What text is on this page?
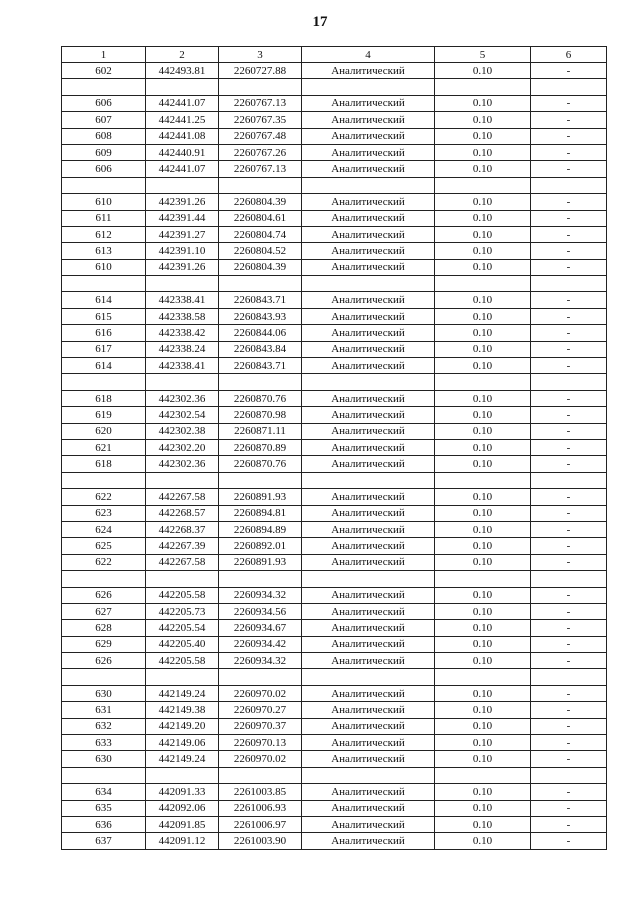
17
1	2	3	4	5	6
602	442493.81	2260727.88	Аналитический	0.10	-

606	442441.07	2260767.13	Аналитический	0.10	-
607	442441.25	2260767.35	Аналитический	0.10	-
608	442441.08	2260767.48	Аналитический	0.10	-
609	442440.91	2260767.26	Аналитический	0.10	-
606	442441.07	2260767.13	Аналитический	0.10	-

610	442391.26	2260804.39	Аналитический	0.10	-
611	442391.44	2260804.61	Аналитический	0.10	-
612	442391.27	2260804.74	Аналитический	0.10	-
613	442391.10	2260804.52	Аналитический	0.10	-
610	442391.26	2260804.39	Аналитический	0.10	-

614	442338.41	2260843.71	Аналитический	0.10	-
615	442338.58	2260843.93	Аналитический	0.10	-
616	442338.42	2260844.06	Аналитический	0.10	-
617	442338.24	2260843.84	Аналитический	0.10	-
614	442338.41	2260843.71	Аналитический	0.10	-

618	442302.36	2260870.76	Аналитический	0.10	-
619	442302.54	2260870.98	Аналитический	0.10	-
620	442302.38	2260871.11	Аналитический	0.10	-
621	442302.20	2260870.89	Аналитический	0.10	-
618	442302.36	2260870.76	Аналитический	0.10	-

622	442267.58	2260891.93	Аналитический	0.10	-
623	442268.57	2260894.81	Аналитический	0.10	-
624	442268.37	2260894.89	Аналитический	0.10	-
625	442267.39	2260892.01	Аналитический	0.10	-
622	442267.58	2260891.93	Аналитический	0.10	-

626	442205.58	2260934.32	Аналитический	0.10	-
627	442205.73	2260934.56	Аналитический	0.10	-
628	442205.54	2260934.67	Аналитический	0.10	-
629	442205.40	2260934.42	Аналитический	0.10	-
626	442205.58	2260934.32	Аналитический	0.10	-

630	442149.24	2260970.02	Аналитический	0.10	-
631	442149.38	2260970.27	Аналитический	0.10	-
632	442149.20	2260970.37	Аналитический	0.10	-
633	442149.06	2260970.13	Аналитический	0.10	-
630	442149.24	2260970.02	Аналитический	0.10	-

634	442091.33	2261003.85	Аналитический	0.10	-
635	442092.06	2261006.93	Аналитический	0.10	-
636	442091.85	2261006.97	Аналитический	0.10	-
637	442091.12	2261003.90	Аналитический	0.10	-
